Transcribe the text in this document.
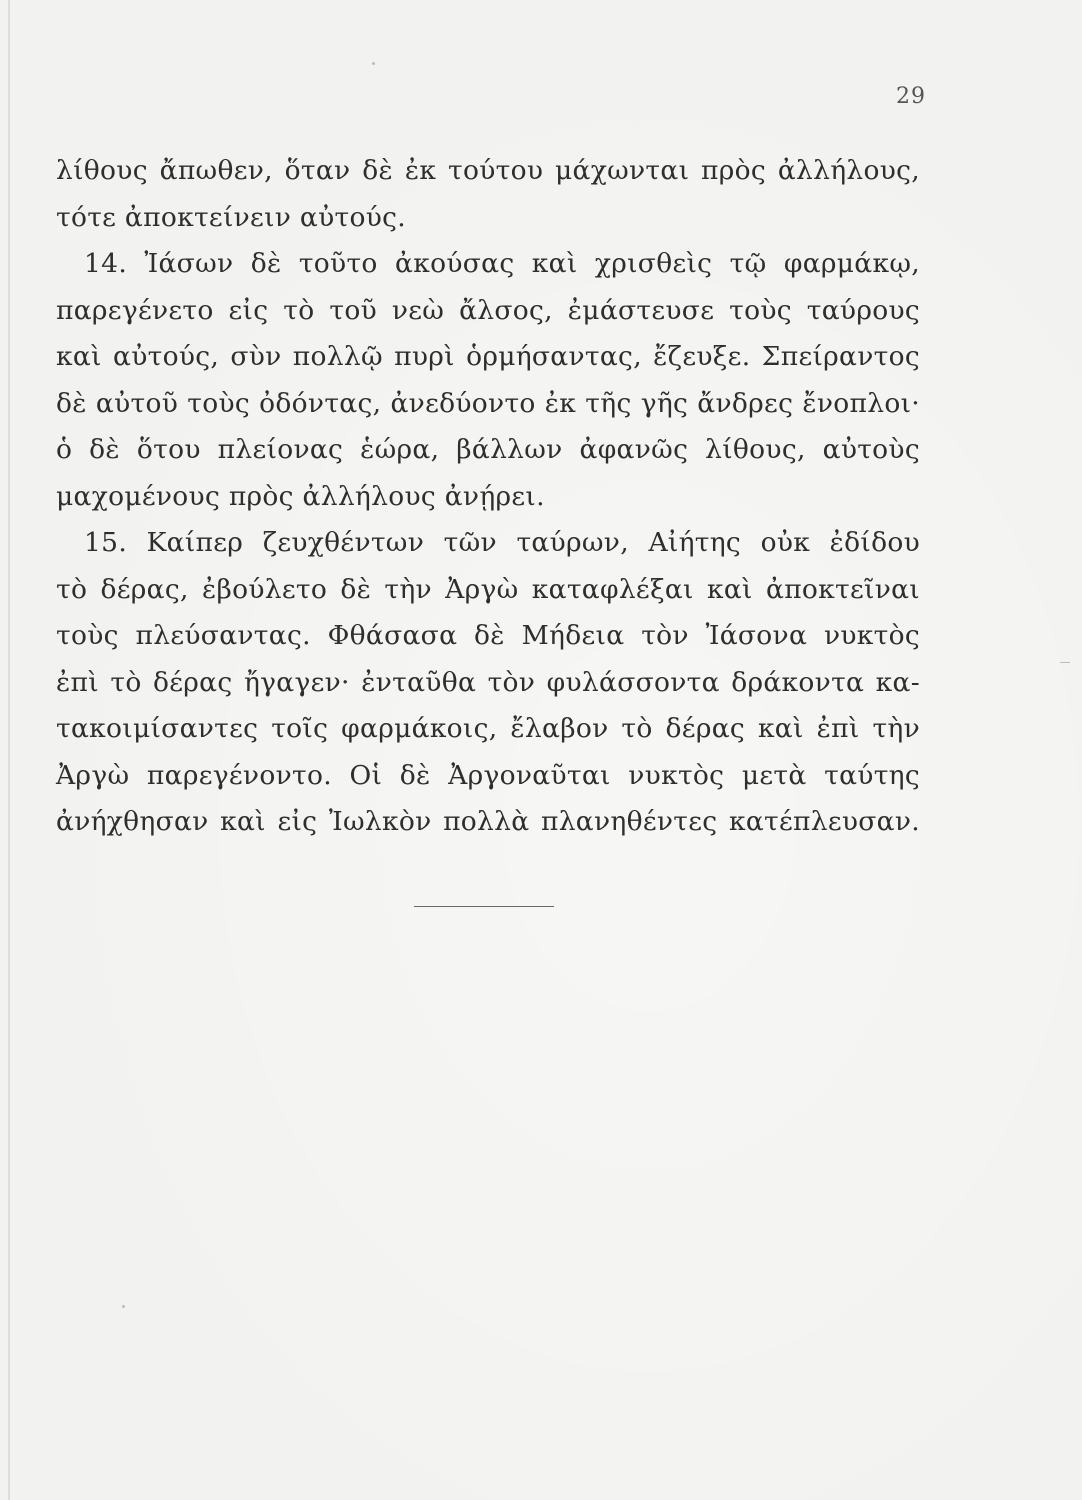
29
λίθους ἄπωθεν, ὅταν δὲ ἐκ τούτου μάχωνται πρὸς ἀλλήλους,
τότε ἀποκτείνειν αὐτούς.
14. Ἰάσων δὲ τοῦτο ἀκούσας καὶ χρισθεὶς τῷ φαρμάκῳ,
παρεγένετο εἰς τὸ τοῦ νεὼ ἄλσος, ἐμάστευσε τοὺς ταύρους
καὶ αὐτούς, σὺν πολλῷ πυρὶ ὁρμήσαντας, ἔζευξε. Σπείραντος
δὲ αὐτοῦ τοὺς ὀδόντας, ἀνεδύοντο ἐκ τῆς γῆς ἄνδρες ἔνοπλοι·
ὁ δὲ ὅτου πλείονας ἑώρα, βάλλων ἀφανῶς λίθους, αὐτοὺς
μαχομένους πρὸς ἀλλήλους ἀνῄρει.
15. Καίπερ ζευχθέντων τῶν ταύρων, Αἰήτης οὐκ ἐδίδου
τὸ δέρας, ἐβούλετο δὲ τὴν Ἀργὼ καταφλέξαι καὶ ἀποκτεῖναι
τοὺς πλεύσαντας. Φθάσασα δὲ Μήδεια τὸν Ἰάσονα νυκτὸς
ἐπὶ τὸ δέρας ἤγαγεν· ἐνταῦθα τὸν φυλάσσοντα δράκοντα κα-
τακοιμίσαντες τοῖς φαρμάκοις, ἔλαβον τὸ δέρας καὶ ἐπὶ τὴν
Ἀργὼ παρεγένοντο. Οἱ δὲ Ἀργοναῦται νυκτὸς μετὰ ταύτης
ἀνήχθησαν καὶ εἰς Ἰωλκὸν πολλὰ πλανηθέντες κατέπλευσαν.
